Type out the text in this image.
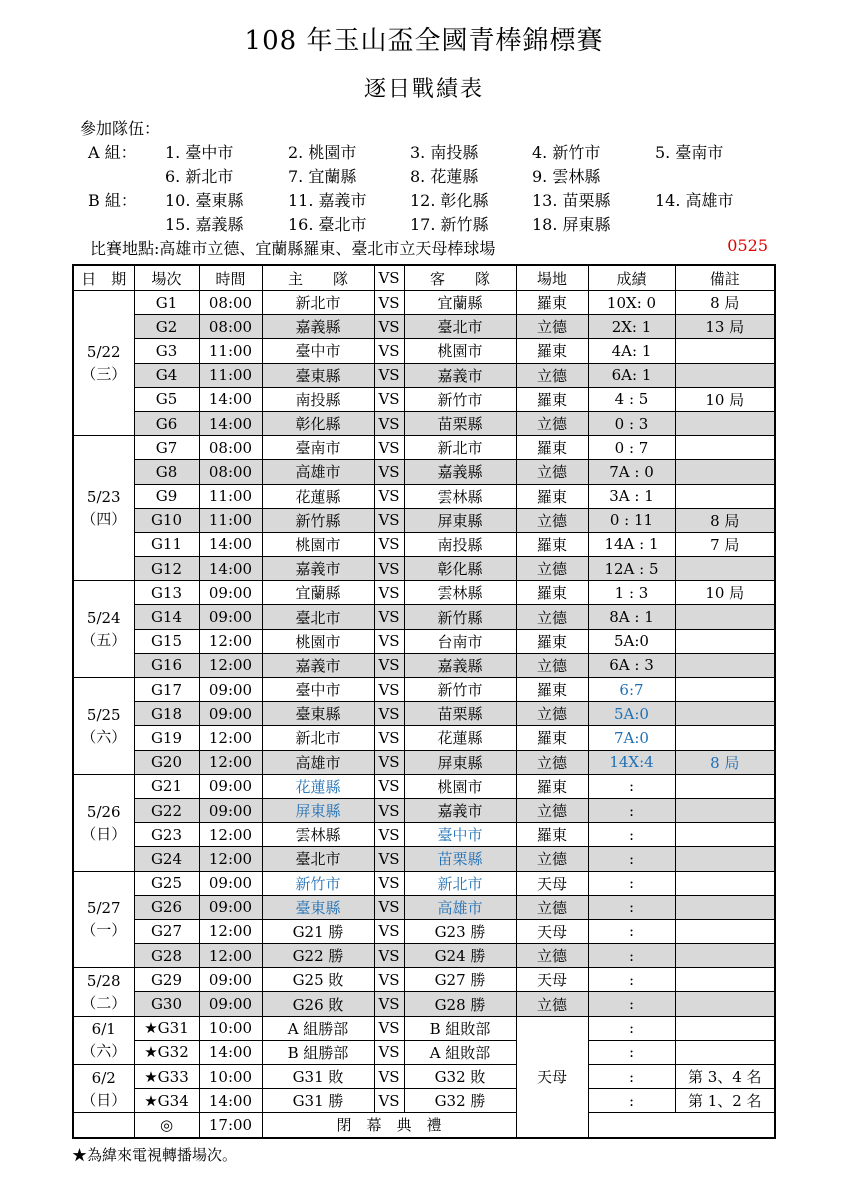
108 年玉山盃全國青棒錦標賽
逐日戰績表
參加隊伍：
A 組：	1. 臺中市	2. 桃園市	3. 南投縣	4. 新竹市	5. 臺南市
6. 新北市	7. 宜蘭縣	8. 花蓮縣	9. 雲林縣
B 組：	10. 臺東縣	11. 嘉義市	12. 彰化縣	13. 苗栗縣	14. 高雄市
15. 嘉義縣	16. 臺北市	17. 新竹縣	18. 屏東縣
比賽地點:高雄市立德、宜蘭縣羅東、臺北市立天母棒球場	0525
日　期	場次	時間	主　　隊	VS	客　　隊	場地	成績	備註

5/22
（三）	G1	08:00	新北市	VS	宜蘭縣	羅東	10X: 0	8 局
	G2	08:00	嘉義縣	VS	臺北市	立德	2X: 1	13 局
	G3	11:00	臺中市	VS	桃園市	羅東	4A: 1	
	G4	11:00	臺東縣	VS	嘉義市	立德	6A: 1	
	G5	14:00	南投縣	VS	新竹市	羅東	4 : 5	10 局
	G6	14:00	彰化縣	VS	苗栗縣	立德	0 : 3	

5/23
（四）	G7	08:00	臺南市	VS	新北市	羅東	0 : 7	
	G8	08:00	高雄市	VS	嘉義縣	立德	7A : 0	
	G9	11:00	花蓮縣	VS	雲林縣	羅東	3A : 1	
	G10	11:00	新竹縣	VS	屏東縣	立德	0 : 11	8 局
	G11	14:00	桃園市	VS	南投縣	羅東	14A : 1	7 局
	G12	14:00	嘉義市	VS	彰化縣	立德	12A : 5	

5/24
（五）	G13	09:00	宜蘭縣	VS	雲林縣	羅東	1 : 3	10 局
	G14	09:00	臺北市	VS	新竹縣	立德	8A : 1	
	G15	12:00	桃園市	VS	台南市	羅東	5A:0	
	G16	12:00	嘉義市	VS	嘉義縣	立德	6A : 3	

5/25
（六）	G17	09:00	臺中市	VS	新竹市	羅東	6:7	
	G18	09:00	臺東縣	VS	苗栗縣	立德	5A:0	
	G19	12:00	新北市	VS	花蓮縣	羅東	7A:0	
	G20	12:00	高雄市	VS	屏東縣	立德	14X:4	8 局

5/26
（日）	G21	09:00	花蓮縣	VS	桃園市	羅東	:	
	G22	09:00	屏東縣	VS	嘉義市	立德	:	
	G23	12:00	雲林縣	VS	臺中市	羅東	:	
	G24	12:00	臺北市	VS	苗栗縣	立德	:	

5/27
（一）	G25	09:00	新竹市	VS	新北市	天母	:	
	G26	09:00	臺東縣	VS	高雄市	立德	:	
	G27	12:00	G21 勝	VS	G23 勝	天母	:	
	G28	12:00	G22 勝	VS	G24 勝	立德	:	

5/28
（二）	G29	09:00	G25 敗	VS	G27 勝	天母	:	
	G30	09:00	G26 敗	VS	G28 勝	立德	:	

6/1
（六）	★G31	10:00	A 組勝部	VS	B 組敗部	天母	:	
	★G32	14:00	B 組勝部	VS	A 組敗部		:	

6/2
（日）	★G33	10:00	G31 敗	VS	G32 敗		:	第 3、4 名
	★G34	14:00	G31 勝	VS	G32 勝		:	第 1、2 名
	◎	17:00	閉　幕　典　禮					
★為緯來電視轉播場次。
